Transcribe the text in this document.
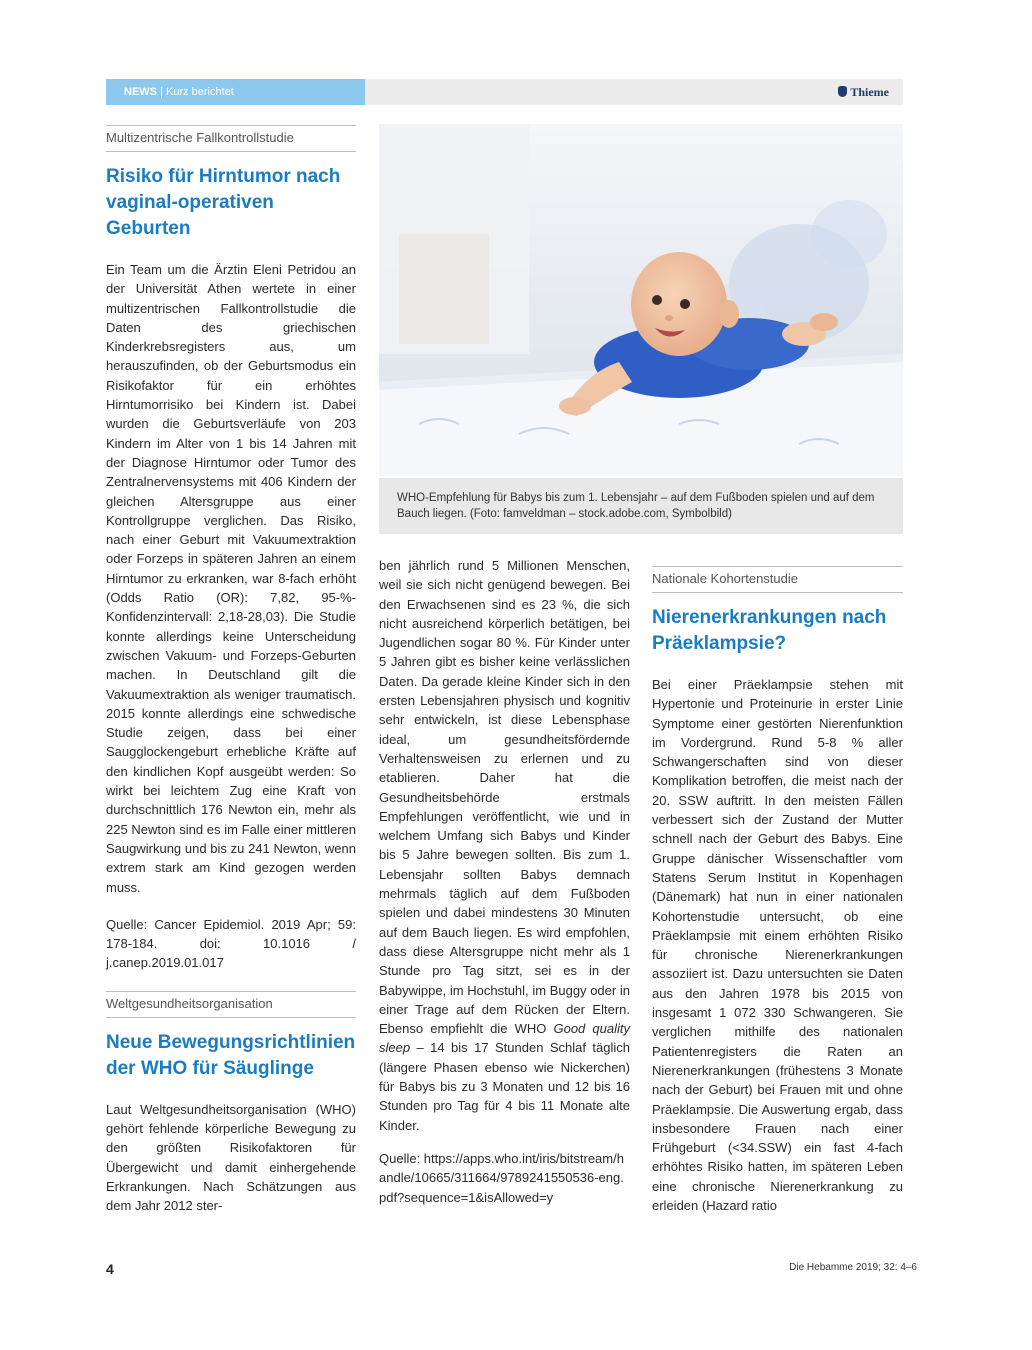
NEWS | Kurz berichtet	Thieme
Multizentrische Fallkontrollstudie
Risiko für Hirntumor nach vaginal-operativen Geburten

Ein Team um die Ärztin Eleni Petridou an der Universität Athen wertete in einer multizentrischen Fallkontrollstudie die Daten des griechischen Kinderkrebsregisters aus, um herauszufinden, ob der Geburtsmodus ein Risikofaktor für ein erhöhtes Hirntumorrisiko bei Kindern ist. Dabei wurden die Geburtsverläufe von 203 Kindern im Alter von 1 bis 14 Jahren mit der Diagnose Hirntumor oder Tumor des Zentralnervensystems mit 406 Kindern der gleichen Altersgruppe aus einer Kontrollgruppe verglichen. Das Risiko, nach einer Geburt mit Vakuumextraktion oder Forzeps in späteren Jahren an einem Hirntumor zu erkranken, war 8-fach erhöht (Odds Ratio (OR): 7,82, 95-%-Konfidenzintervall: 2,18-28,03). Die Studie konnte allerdings keine Unterscheidung zwischen Vakuum- und Forzeps-Geburten machen. In Deutschland gilt die Vakuumextraktion als weniger traumatisch. 2015 konnte allerdings eine schwedische Studie zeigen, dass bei einer Saugglockengeburt erhebliche Kräfte auf den kindlichen Kopf ausgeübt werden: So wirkt bei leichtem Zug eine Kraft von durchschnittlich 176 Newton ein, mehr als 225 Newton sind es im Falle einer mittleren Saugwirkung und bis zu 241 Newton, wenn extrem stark am Kind gezogen werden muss.

Quelle: Cancer Epidemiol. 2019 Apr; 59: 178-184. doi: 10.1016 / j.canep.2019.01.017

Weltgesundheitsorganisation
Neue Bewegungsrichtlinien der WHO für Säuglinge

Laut Weltgesundheitsorganisation (WHO) gehört fehlende körperliche Bewegung zu den größten Risikofaktoren für Übergewicht und damit einhergehende Erkrankungen. Nach Schätzungen aus dem Jahr 2012 ster-

WHO-Empfehlung für Babys bis zum 1. Lebensjahr – auf dem Fußboden spielen und auf dem Bauch liegen. (Foto: famveldman – stock.adobe.com, Symbolbild)

ben jährlich rund 5 Millionen Menschen, weil sie sich nicht genügend bewegen. Bei den Erwachsenen sind es 23 %, die sich nicht ausreichend körperlich betätigen, bei Jugendlichen sogar 80 %. Für Kinder unter 5 Jahren gibt es bisher keine verlässlichen Daten. Da gerade kleine Kinder sich in den ersten Lebensjahren physisch und kognitiv sehr entwickeln, ist diese Lebensphase ideal, um gesundheitsfördernde Verhaltensweisen zu erlernen und zu etablieren. Daher hat die Gesundheitsbehörde erstmals Empfehlungen veröffentlicht, wie und in welchem Umfang sich Babys und Kinder bis 5 Jahre bewegen sollten. Bis zum 1. Lebensjahr sollten Babys demnach mehrmals täglich auf dem Fußboden spielen und dabei mindestens 30 Minuten auf dem Bauch liegen. Es wird empfohlen, dass diese Altersgruppe nicht mehr als 1 Stunde pro Tag sitzt, sei es in der Babywippe, im Hochstuhl, im Buggy oder in einer Trage auf dem Rücken der Eltern. Ebenso empfiehlt die WHO Good quality sleep – 14 bis 17 Stunden Schlaf täglich (längere Phasen ebenso wie Nickerchen) für Babys bis zu 3 Monaten und 12 bis 16 Stunden pro Tag für 4 bis 11 Monate alte Kinder.

Quelle: https://apps.who.int/iris/bitstream/handle/10665/311664/9789241550536-eng.pdf?sequence=1&isAllowed=y

Nationale Kohortenstudie
Nierenerkrankungen nach Präeklampsie?

Bei einer Präeklampsie stehen mit Hypertonie und Proteinurie in erster Linie Symptome einer gestörten Nierenfunktion im Vordergrund. Rund 5-8 % aller Schwangerschaften sind von dieser Komplikation betroffen, die meist nach der 20. SSW auftritt. In den meisten Fällen verbessert sich der Zustand der Mutter schnell nach der Geburt des Babys. Eine Gruppe dänischer Wissenschaftler vom Statens Serum Institut in Kopenhagen (Dänemark) hat nun in einer nationalen Kohortenstudie untersucht, ob eine Präeklampsie mit einem erhöhten Risiko für chronische Nierenerkrankungen assoziiert ist. Dazu untersuchten sie Daten aus den Jahren 1978 bis 2015 von insgesamt 1 072 330 Schwangeren. Sie verglichen mithilfe des nationalen Patientenregisters die Raten an Nierenerkrankungen (frühestens 3 Monate nach der Geburt) bei Frauen mit und ohne Präeklampsie. Die Auswertung ergab, dass insbesondere Frauen nach einer Frühgeburt (<34.SSW) ein fast 4-fach erhöhtes Risiko hatten, im späteren Leben eine chronische Nierenerkrankung zu erleiden (Hazard ratio

4	Die Hebamme 2019; 32: 4–6
